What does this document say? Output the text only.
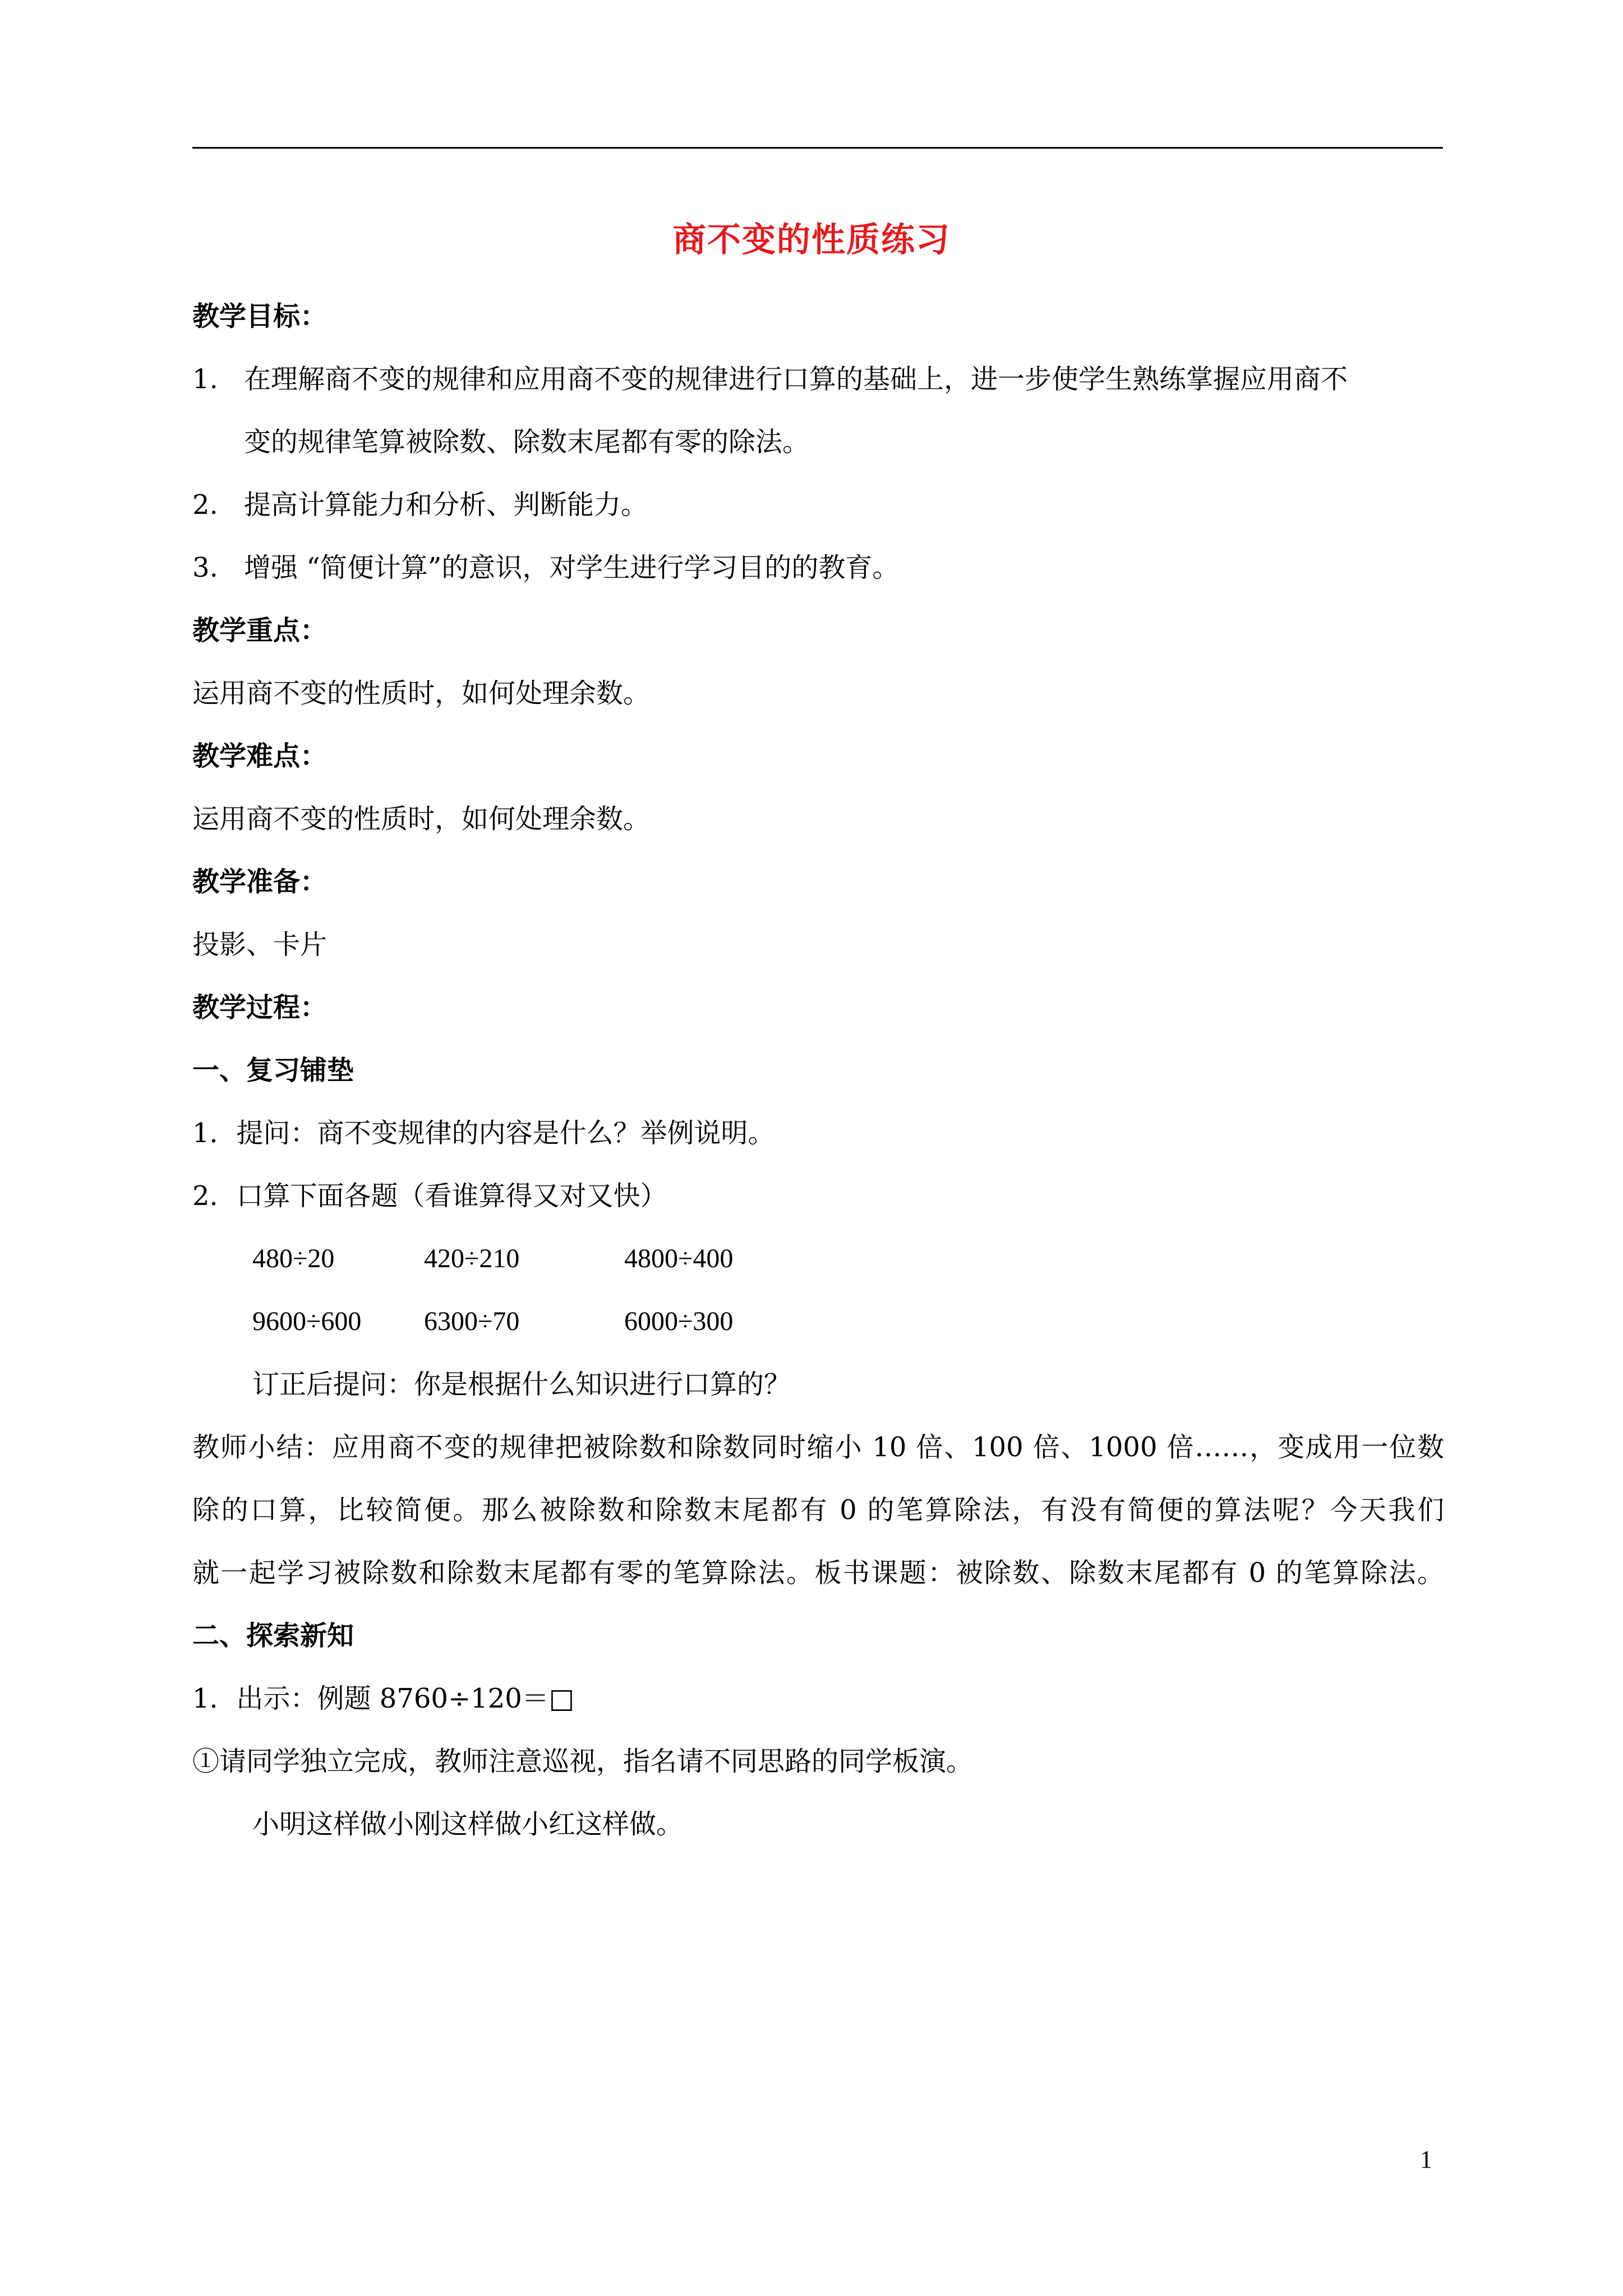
商不变的性质练习
教学目标：
1. 在理解商不变的规律和应用商不变的规律进行口算的基础上，进一步使学生熟练掌握应用商不
变的规律笔算被除数、除数末尾都有零的除法。
2. 提高计算能力和分析、判断能力。
3. 增强 “简便计算”的意识，对学生进行学习目的的教育。
教学重点：
运用商不变的性质时，如何处理余数。
教学难点：
运用商不变的性质时，如何处理余数。
教学准备：
投影、卡片
教学过程：
一、复习铺垫
1．提问：商不变规律的内容是什么？举例说明。
2．口算下面各题（看谁算得又对又快）
480÷20	420÷210	4800÷400
9600÷600 6300÷70	6000÷300
订正后提问：你是根据什么知识进行口算的？
教师小结：应用商不变的规律把被除数和除数同时缩小 10 倍、100 倍、1000 倍……，变成用一位数
除的口算，比较简便。那么被除数和除数末尾都有 0 的笔算除法，有没有简便的算法呢？今天我们
就一起学习被除数和除数末尾都有零的笔算除法。板书课题：被除数、除数末尾都有 0 的笔算除法。
二、探索新知
1．出示：例题 8760÷120＝□
①请同学独立完成，教师注意巡视，指名请不同思路的同学板演。
小明这样做小刚这样做小红这样做。
1
